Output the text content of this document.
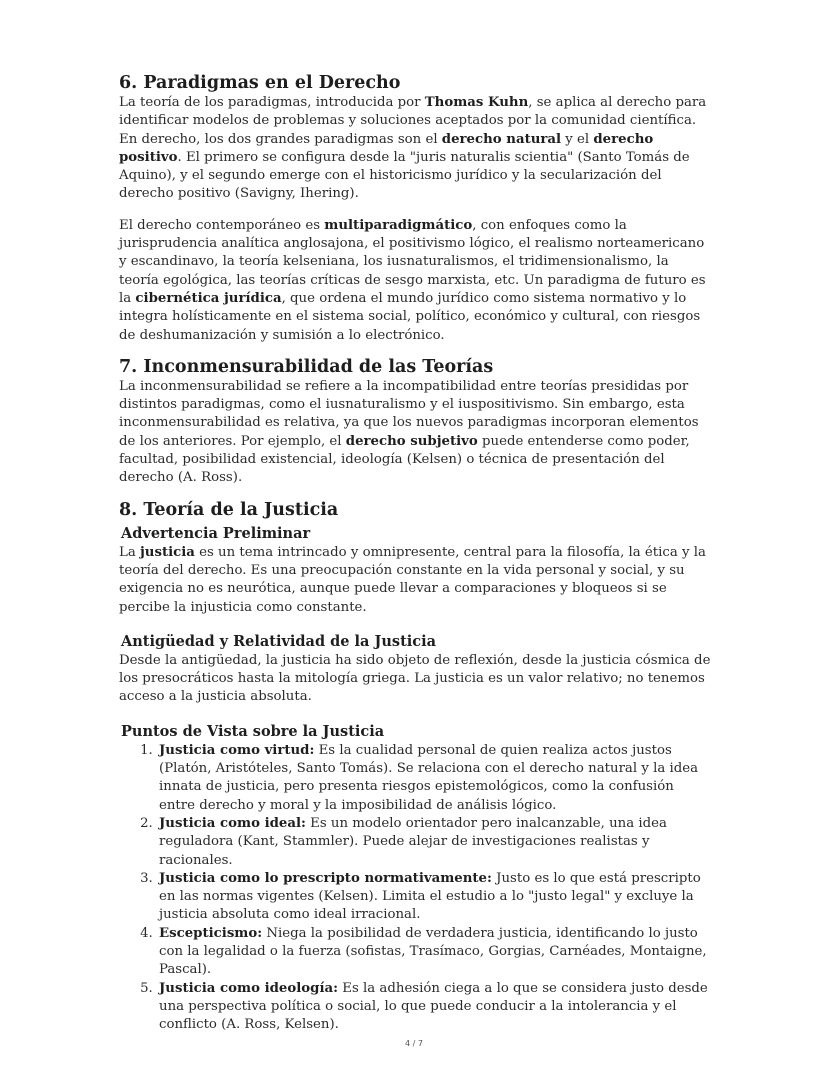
6. Paradigmas en el Derecho

La teoría de los paradigmas, introducida por Thomas Kuhn, se aplica al derecho para identificar modelos de problemas y soluciones aceptados por la comunidad científica. En derecho, los dos grandes paradigmas son el derecho natural y el derecho positivo. El primero se configura desde la "juris naturalis scientia" (Santo Tomás de Aquino), y el segundo emerge con el historicismo jurídico y la secularización del derecho positivo (Savigny, Ihering).

El derecho contemporáneo es multiparadigmático, con enfoques como la jurisprudencia analítica anglosajona, el positivismo lógico, el realismo norteamericano y escandinavo, la teoría kelseniana, los iusnaturalismos, el tridimensionalismo, la teoría egológica, las teorías críticas de sesgo marxista, etc. Un paradigma de futuro es la cibernética jurídica, que ordena el mundo jurídico como sistema normativo y lo integra holísticamente en el sistema social, político, económico y cultural, con riesgos de deshumanización y sumisión a lo electrónico.

7. Inconmensurabilidad de las Teorías

La inconmensurabilidad se refiere a la incompatibilidad entre teorías presididas por distintos paradigmas, como el iusnaturalismo y el iuspositivismo. Sin embargo, esta inconmensurabilidad es relativa, ya que los nuevos paradigmas incorporan elementos de los anteriores. Por ejemplo, el derecho subjetivo puede entenderse como poder, facultad, posibilidad existencial, ideología (Kelsen) o técnica de presentación del derecho (A. Ross).

8. Teoría de la Justicia
Advertencia Preliminar

La justicia es un tema intrincado y omnipresente, central para la filosofía, la ética y la teoría del derecho. Es una preocupación constante en la vida personal y social, y su exigencia no es neurótica, aunque puede llevar a comparaciones y bloqueos si se percibe la injusticia como constante.

Antigüedad y Relatividad de la Justicia

Desde la antigüedad, la justicia ha sido objeto de reflexión, desde la justicia cósmica de los presocráticos hasta la mitología griega. La justicia es un valor relativo; no tenemos acceso a la justicia absoluta.

Puntos de Vista sobre la Justicia
1. Justicia como virtud: Es la cualidad personal de quien realiza actos justos (Platón, Aristóteles, Santo Tomás). Se relaciona con el derecho natural y la idea innata de justicia, pero presenta riesgos epistemológicos, como la confusión entre derecho y moral y la imposibilidad de análisis lógico.
2. Justicia como ideal: Es un modelo orientador pero inalcanzable, una idea reguladora (Kant, Stammler). Puede alejar de investigaciones realistas y racionales.
3. Justicia como lo prescripto normativamente: Justo es lo que está prescripto en las normas vigentes (Kelsen). Limita el estudio a lo "justo legal" y excluye la justicia absoluta como ideal irracional.
4. Escepticismo: Niega la posibilidad de verdadera justicia, identificando lo justo con la legalidad o la fuerza (sofistas, Trasímaco, Gorgias, Carnéades, Montaigne, Pascal).
5. Justicia como ideología: Es la adhesión ciega a lo que se considera justo desde una perspectiva política o social, lo que puede conducir a la intolerancia y el conflicto (A. Ross, Kelsen).
4 / 7
